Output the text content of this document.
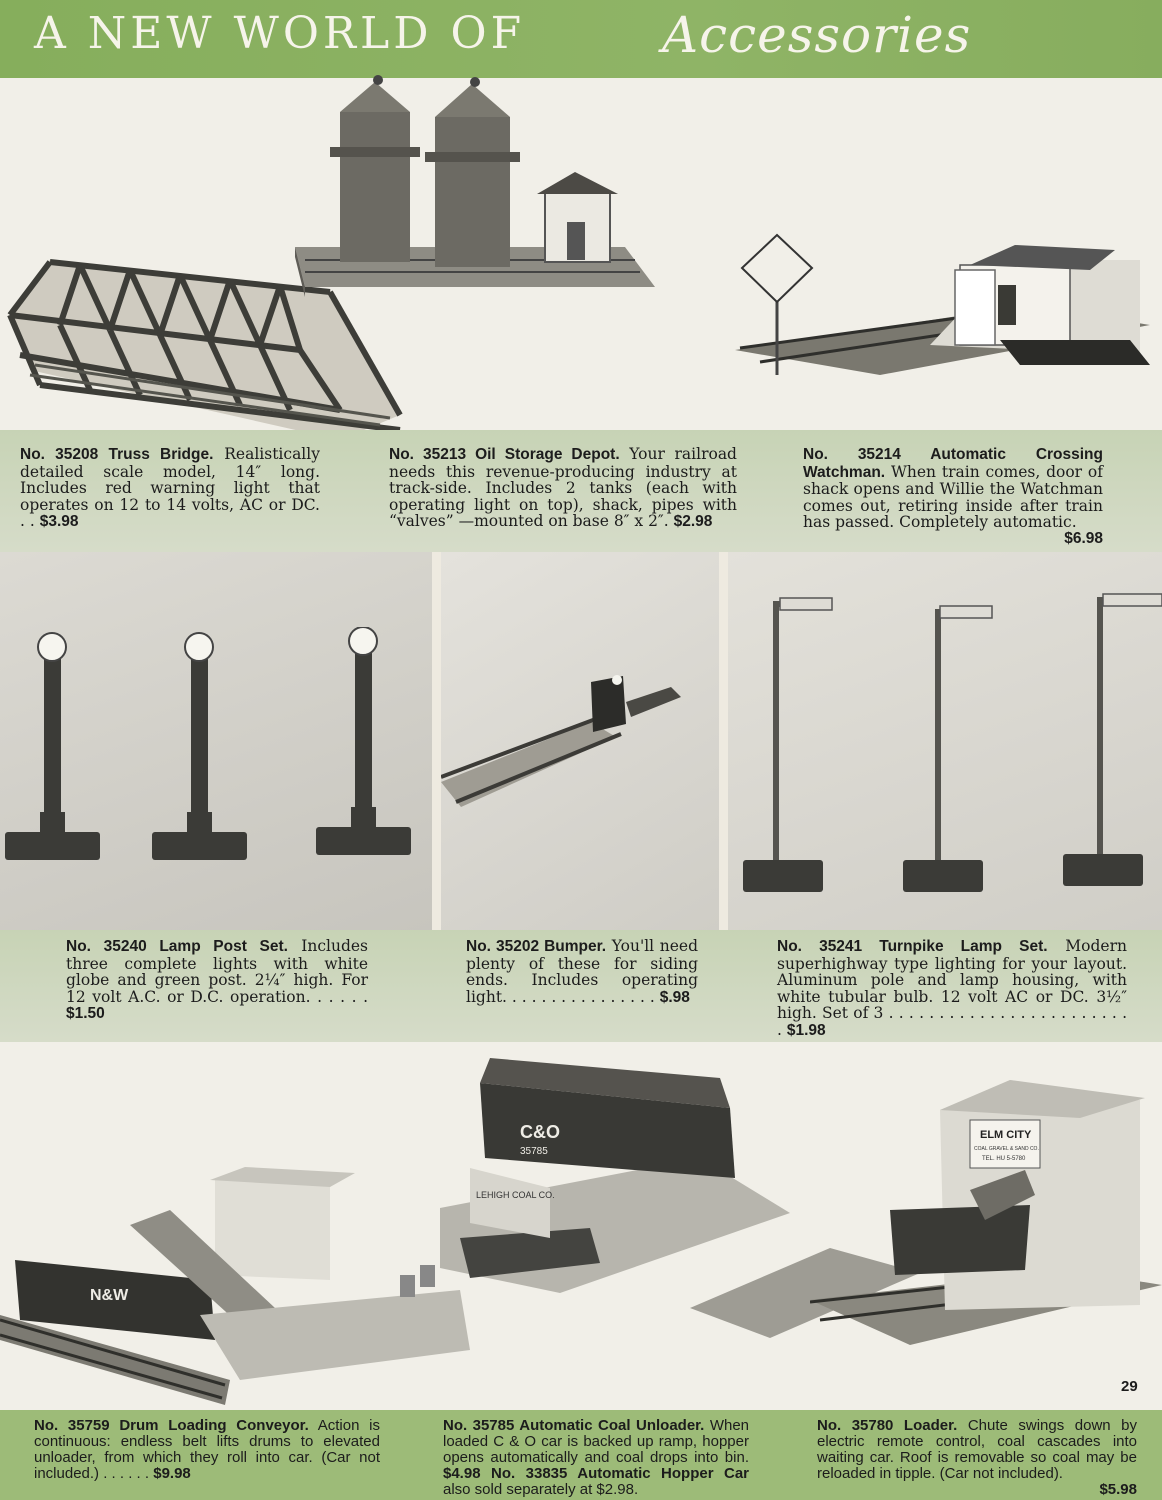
A NEW WORLD OF	Accessories
No. 35208 Truss Bridge. Realistically detailed scale model, 14″ long. Includes red warning light that operates on 12 to 14 volts, AC or DC. . . $3.98
No. 35213 Oil Storage Depot. Your railroad needs this revenue-producing industry at track-side. Includes 2 tanks (each with operating light on top), shack, pipes with “valves” —mounted on base 8″ x 2″. $2.98
No. 35214 Automatic Crossing Watchman. When train comes, door of shack opens and Willie the Watchman comes out, retiring inside after train has passed. Completely automatic.
$6.98
No. 35240 Lamp Post Set. Includes three complete lights with white globe and green post. 2¼″ high. For 12 volt A.C. or D.C. operation. . . . . . $1.50
No. 35202 Bumper. You'll need plenty of these for siding ends. Includes operating light. . . . . . . . . . . . . . . . $.98
No. 35241 Turnpike Lamp Set. Modern superhighway type lighting for your layout. Aluminum pole and lamp housing, with white tubular bulb. 12 volt AC or DC. 3½″ high. Set of 3 . . . . . . . . . . . . . . . . . . . . . . . . . $1.98
N&W
C&O
35785
LEHIGH COAL CO.
ELM CITY
COAL GRAVEL & SAND CO.
TEL. HU 5-5780
29
No. 35759 Drum Loading Conveyor. Action is continuous: endless belt lifts drums to elevated unloader, from which they roll into car. (Car not included.) . . . . . . $9.98
No. 35785 Automatic Coal Unloader. When loaded C & O car is backed up ramp, hopper opens automatically and coal drops into bin. $4.98 No. 33835 Automatic Hopper Car also sold separately at $2.98.
No. 35780 Loader. Chute swings down by electric remote control, coal cascades into waiting car. Roof is removable so coal may be reloaded in tipple. (Car not included).
$5.98
